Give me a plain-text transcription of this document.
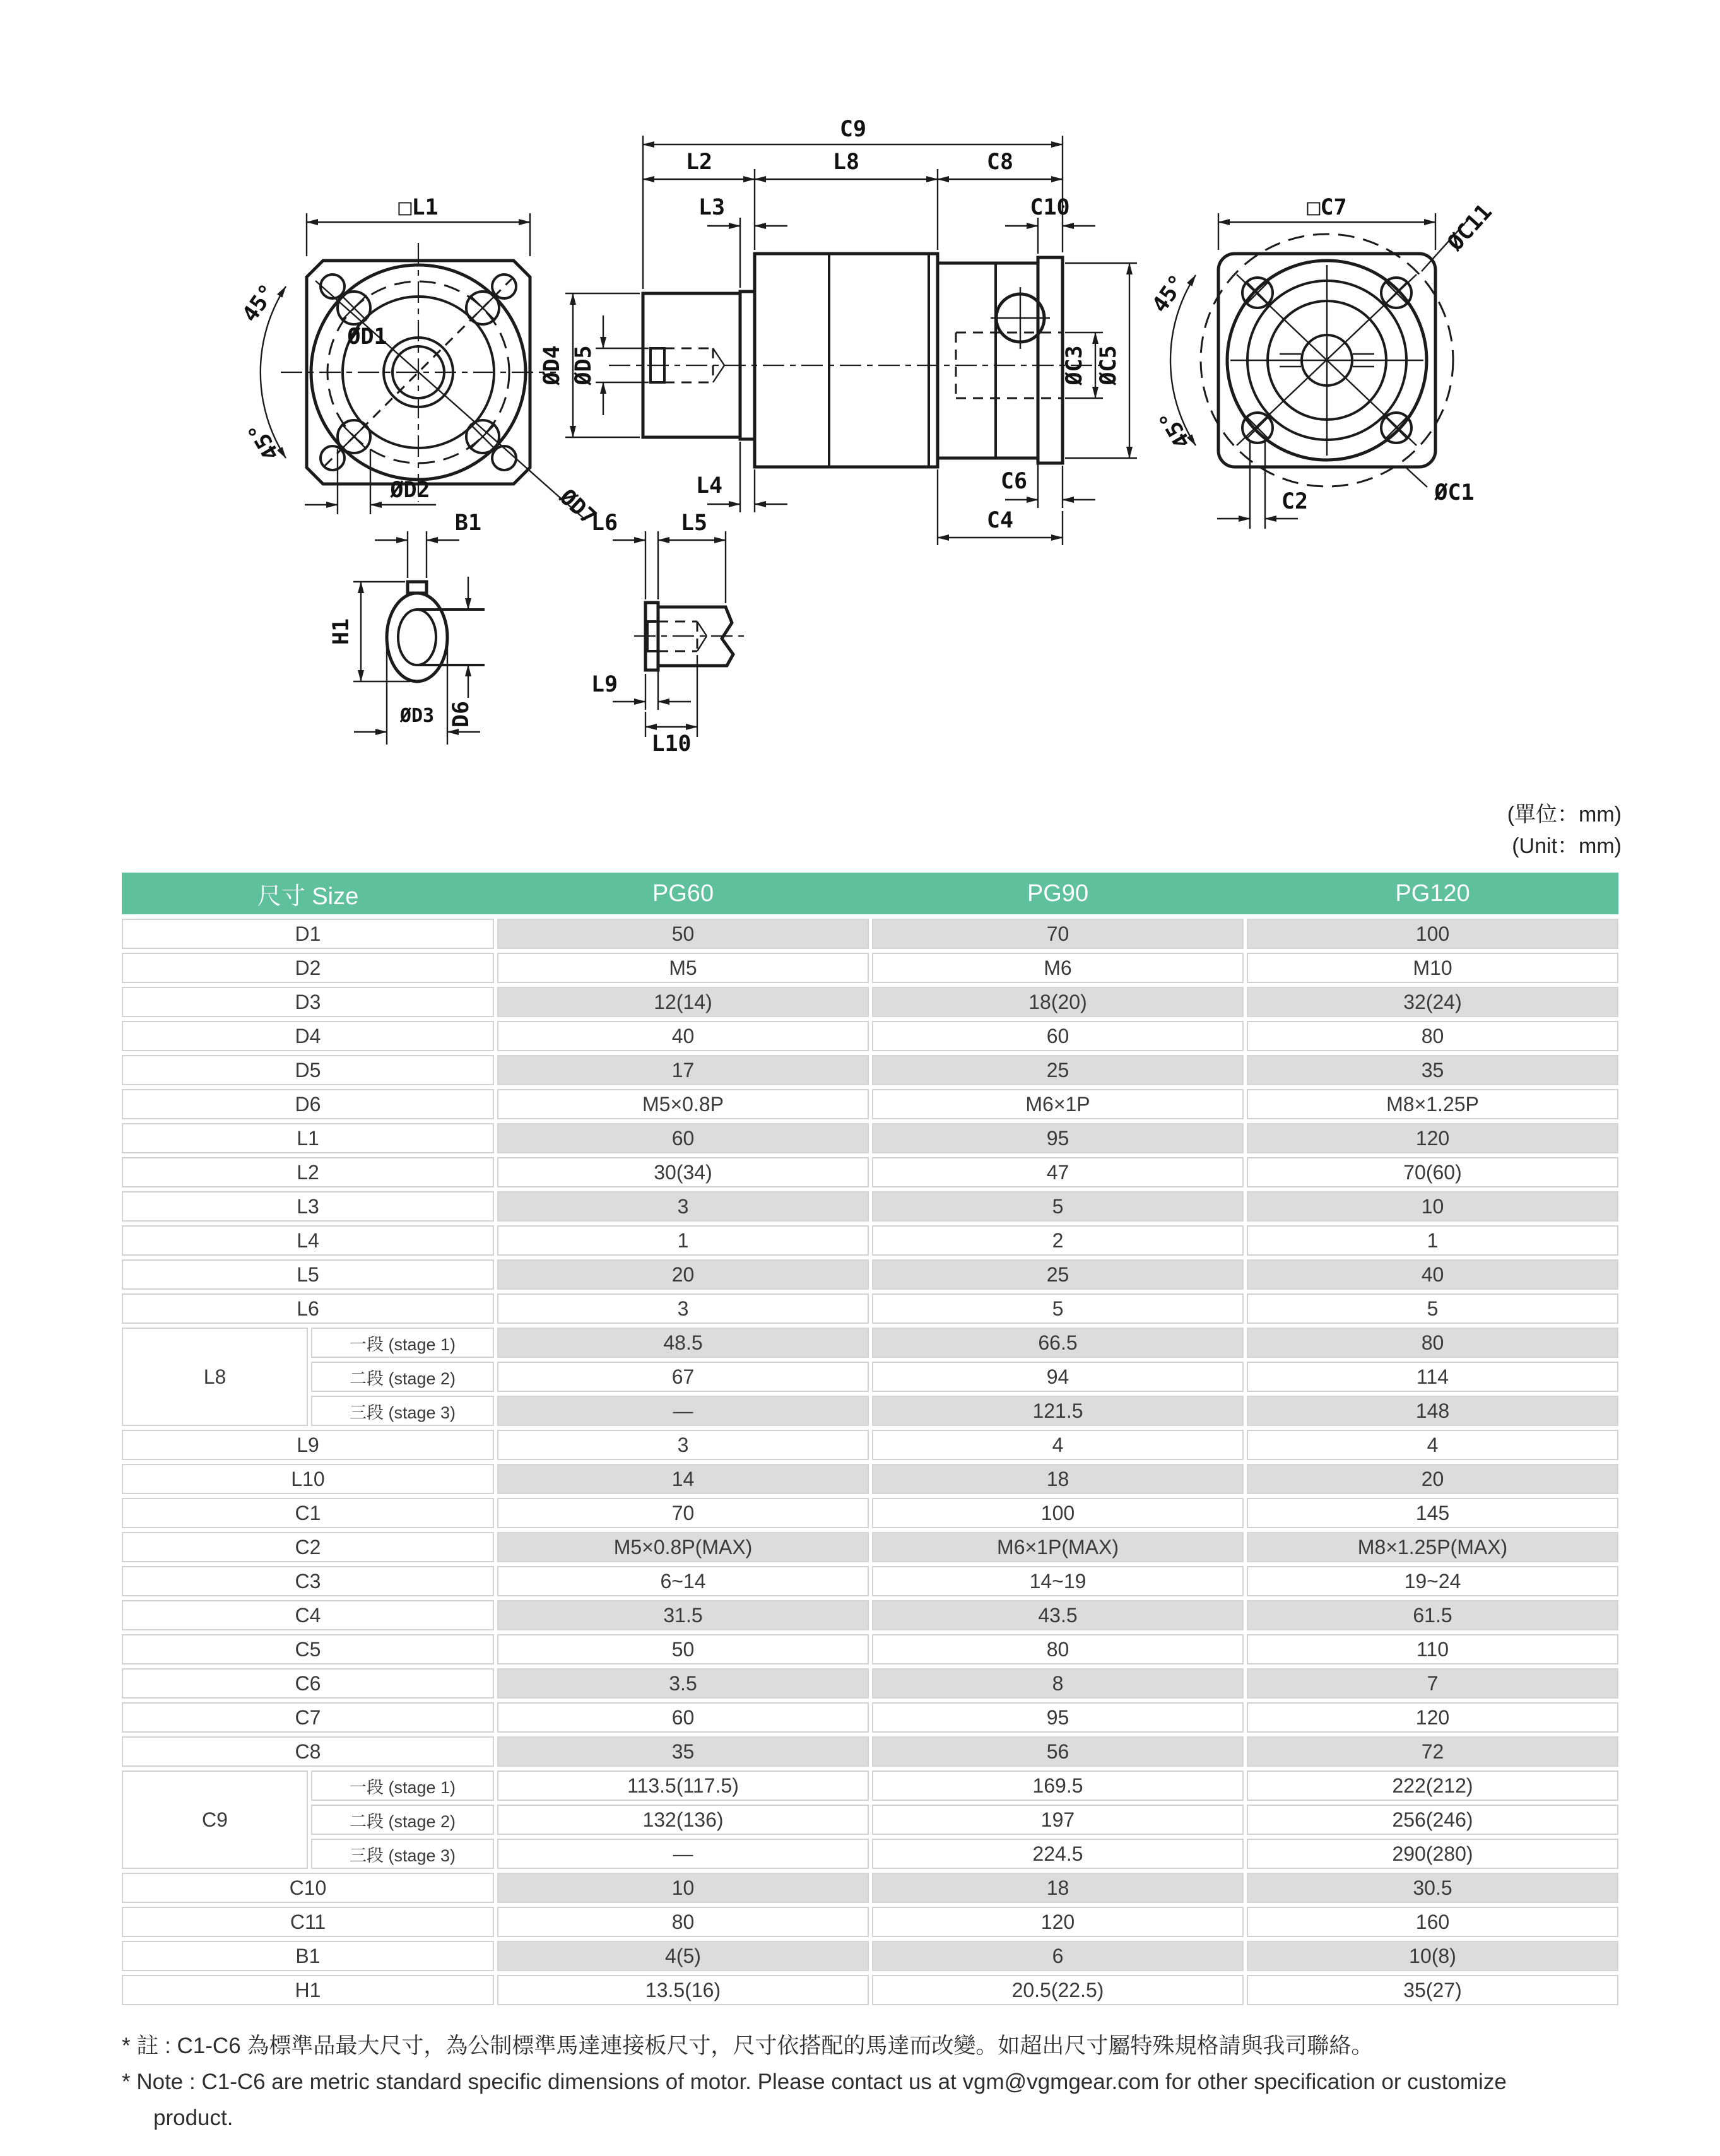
□L1
45°
45°
ØD1
ØD2	ØD7
C9
L2	L8	C8
L3	C10
ØD4 ØD5	ØC3 ØC5
L4	C6
C4
□C7	ØC11
45°
45°
ØC1
C2
B1
H1
D6
ØD3
L6	L5
L9
L10
(單位：mm)
(Unit：mm)
尺寸 Size	PG60	PG90	PG120
D1	50	70	100
D2	M5	M6	M10
D3	12(14)	18(20)	32(24)
D4	40	60	80
D5	17	25	35
D6	M5×0.8P	M6×1P	M8×1.25P
L1	60	95	120
L2	30(34)	47	70(60)
L3	3	5	10
L4	1	2	1
L5	20	25	40
L6	3	5	5
L8
一段 (stage 1)	48.5	66.5	80
二段 (stage 2)	67	94	114
三段 (stage 3)	—	121.5	148
L9	3	4	4
L10	14	18	20
C1	70	100	145
C2	M5×0.8P(MAX)	M6×1P(MAX)	M8×1.25P(MAX)
C3	6~14	14~19	19~24
C4	31.5	43.5	61.5
C5	50	80	110
C6	3.5	8	7
C7	60	95	120
C8	35	56	72
C9
一段 (stage 1)	113.5(117.5)	169.5	222(212)
二段 (stage 2)	132(136)	197	256(246)
三段 (stage 3)	—	224.5	290(280)
C10	10	18	30.5
C11	80	120	160
B1	4(5)	6	10(8)
H1	13.5(16)	20.5(22.5)	35(27)
* 註 : C1-C6 為標準品最大尺寸，為公制標準馬達連接板尺寸，尺寸依搭配的馬達而改變。如超出尺寸屬特殊規格請與我司聯絡。
* Note : C1-C6 are metric standard specific dimensions of motor. Please contact us at vgm@vgmgear.com for other specification or customize
product.
